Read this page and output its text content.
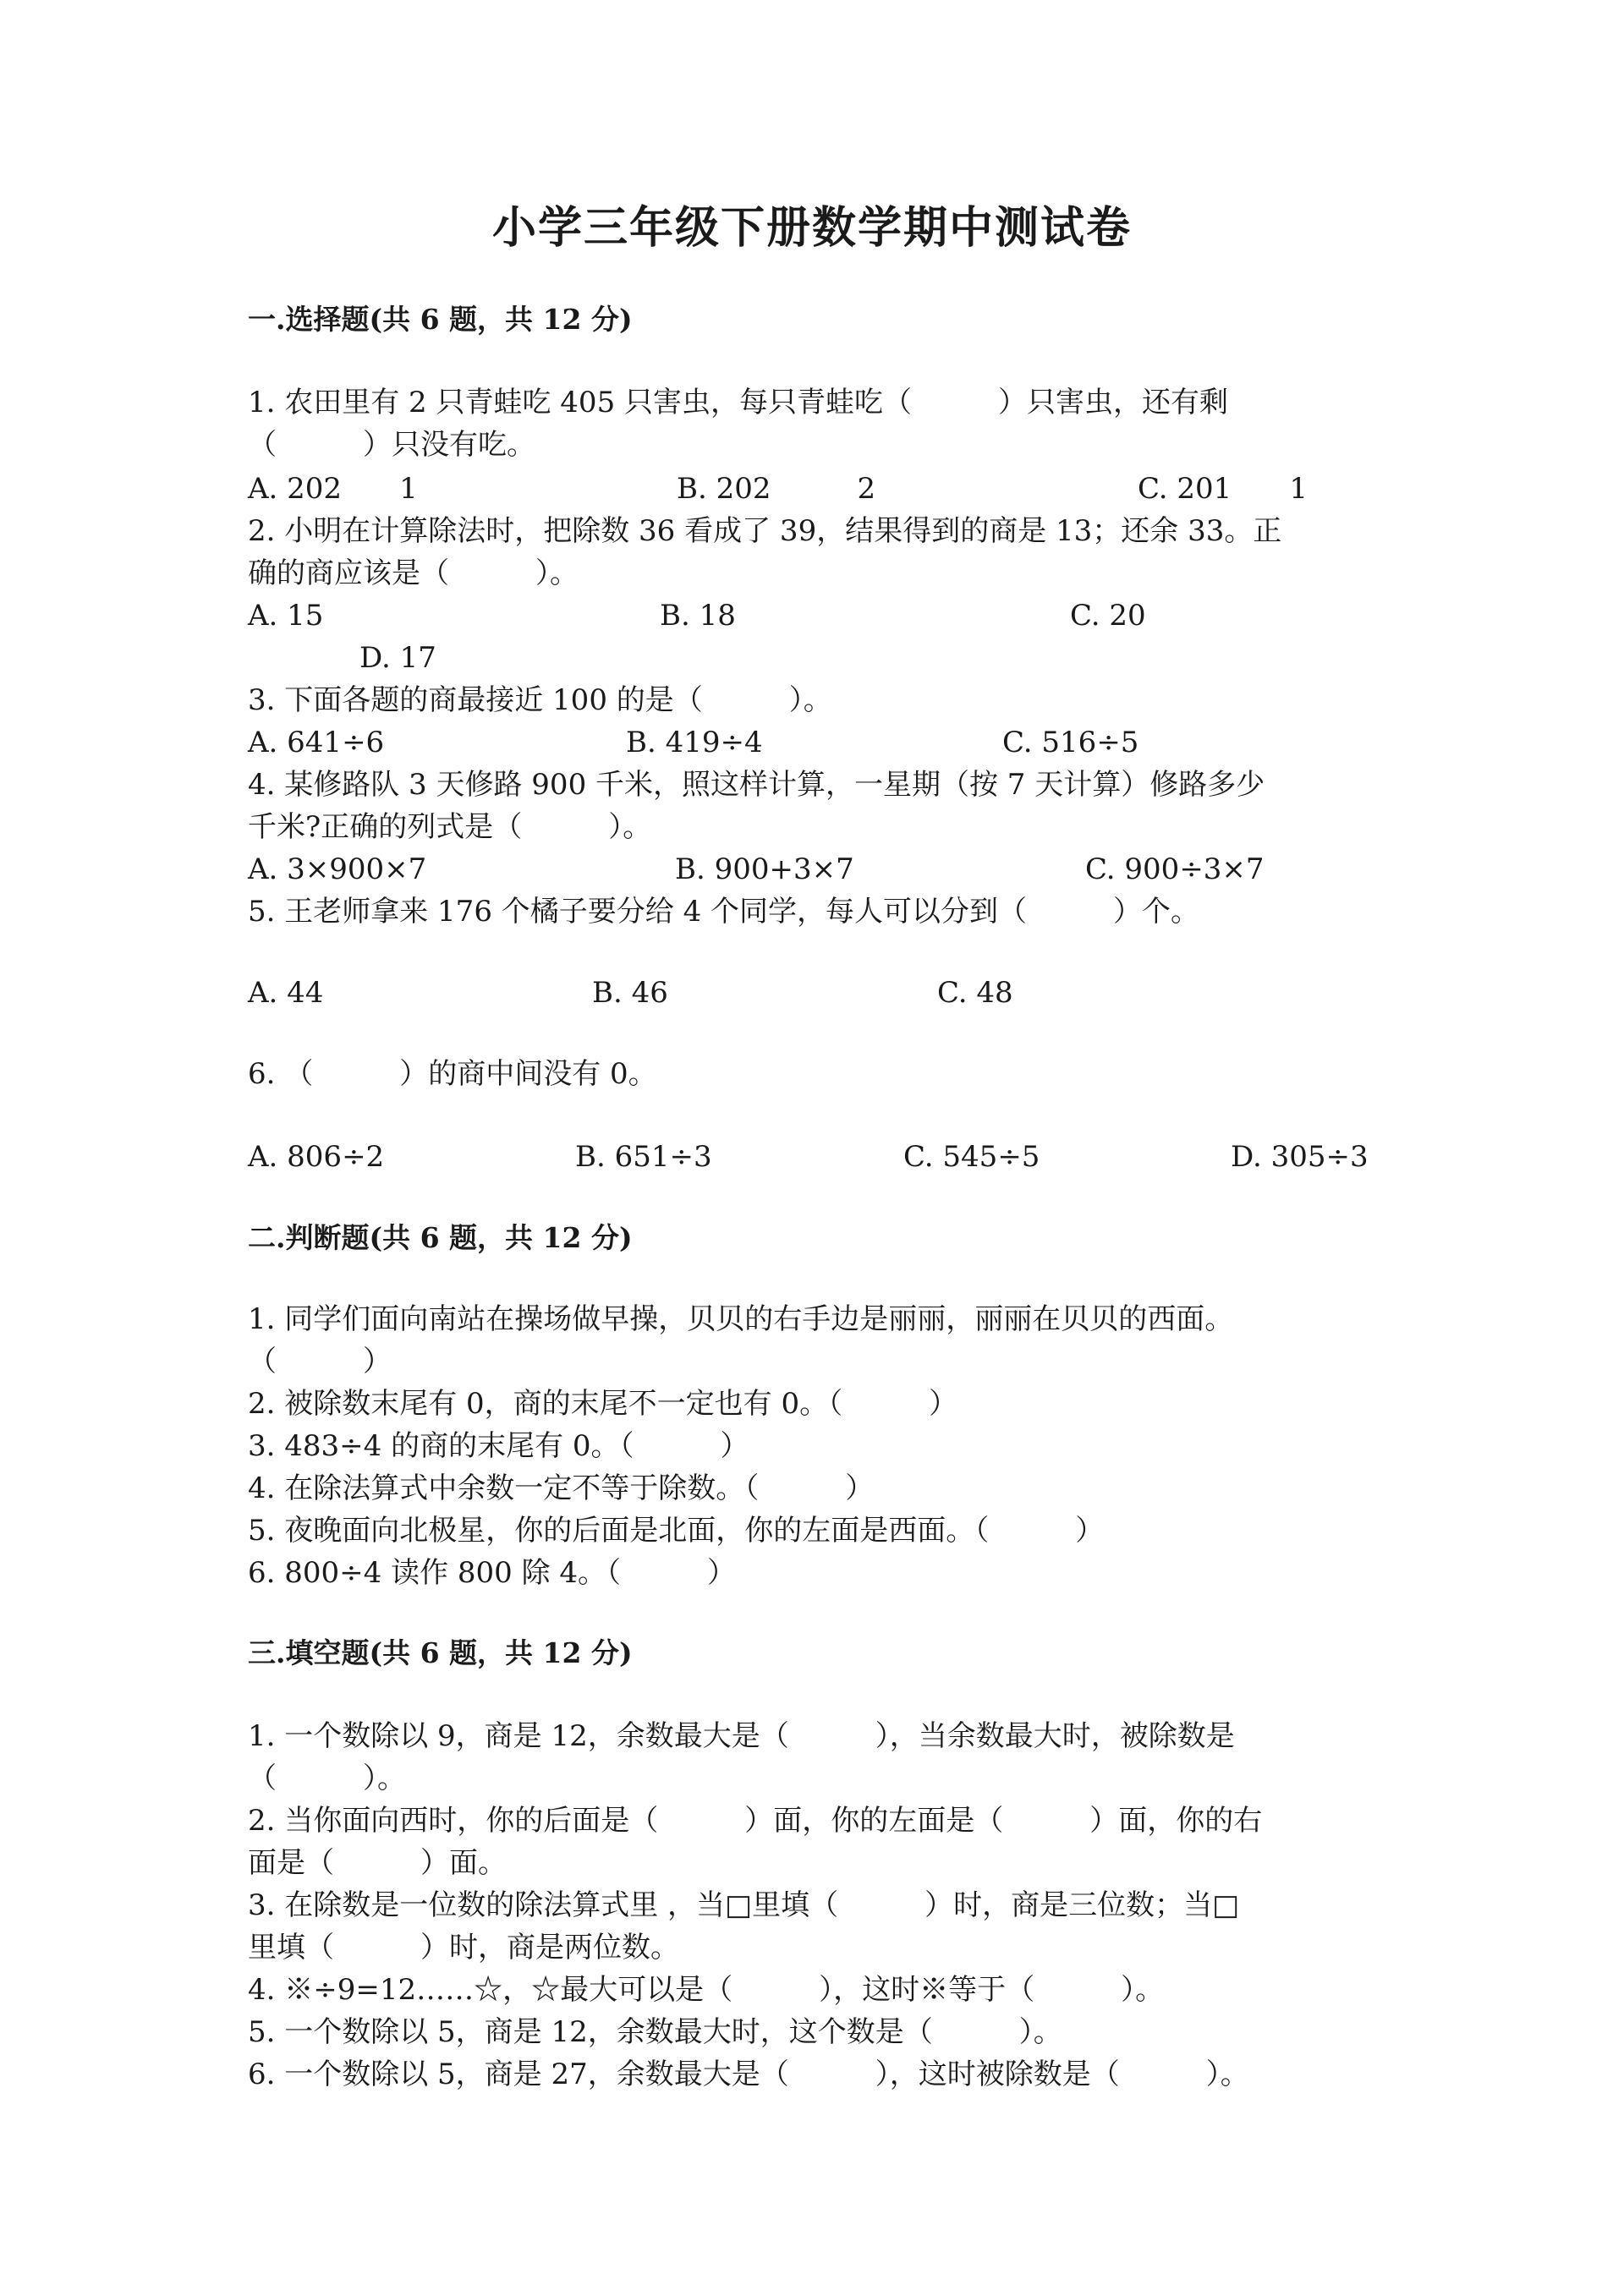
小学三年级下册数学期中测试卷
一.选择题(共 6 题，共 12 分)
1. 农田里有 2 只青蛙吃 405 只害虫，每只青蛙吃（　　　）只害虫，还有剩
（　　　）只没有吃。
A. 202　　1	B. 202　　　2	C. 201　　1
2. 小明在计算除法时，把除数 36 看成了 39，结果得到的商是 13；还余 33。正
确的商应该是（　　　）。
A. 15	B. 18	C. 20
D. 17
3. 下面各题的商最接近 100 的是（　　　）。
A. 641÷6	B. 419÷4	C. 516÷5
4. 某修路队 3 天修路 900 千米，照这样计算，一星期（按 7 天计算）修路多少
千米?正确的列式是（　　　）。
A. 3×900×7	B. 900+3×7	C. 900÷3×7
5. 王老师拿来 176 个橘子要分给 4 个同学，每人可以分到（　　　）个。
A. 44	B. 46	C. 48
6. （　　　）的商中间没有 0。
A. 806÷2	B. 651÷3	C. 545÷5	D. 305÷3
二.判断题(共 6 题，共 12 分)
1. 同学们面向南站在操场做早操，贝贝的右手边是丽丽，丽丽在贝贝的西面。
（　　　）
2. 被除数末尾有 0，商的末尾不一定也有 0。（　　　）
3. 483÷4 的商的末尾有 0。（　　　）
4. 在除法算式中余数一定不等于除数。（　　　）
5. 夜晚面向北极星，你的后面是北面，你的左面是西面。（　　　）
6. 800÷4 读作 800 除 4。（　　　）
三.填空题(共 6 题，共 12 分)
1. 一个数除以 9，商是 12，余数最大是（　　　），当余数最大时，被除数是
（　　　）。
2. 当你面向西时，你的后面是（　　　）面，你的左面是（　　　）面，你的右
面是（　　　）面。
3. 在除数是一位数的除法算式里 ，当□里填（　　　）时，商是三位数；当□
里填（　　　）时，商是两位数。
4. ※÷9=12……☆，☆最大可以是（　　　），这时※等于（　　　）。
5. 一个数除以 5，商是 12，余数最大时，这个数是（　　　）。
6. 一个数除以 5，商是 27，余数最大是（　　　），这时被除数是（　　　）。
